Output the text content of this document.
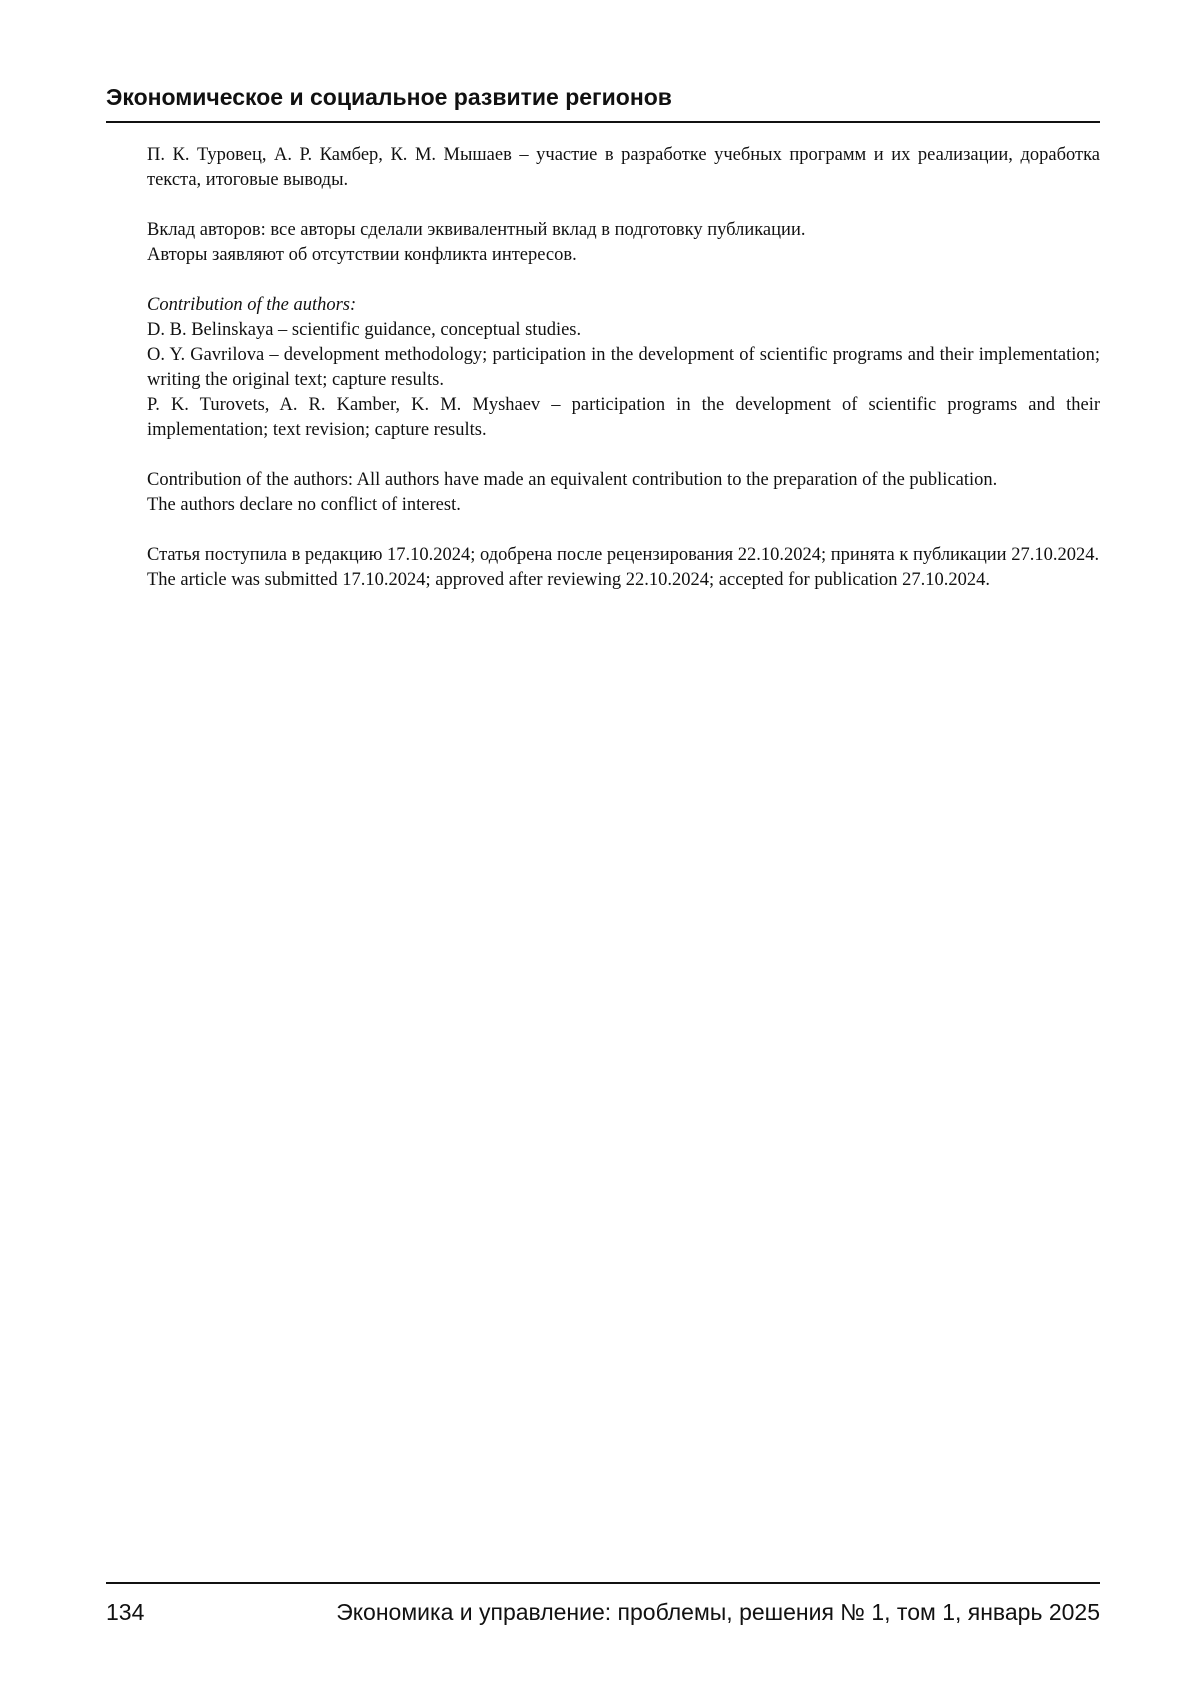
Экономическое и социальное развитие регионов

П. К. Туровец, А. Р. Камбер, К. М. Мышаев – участие в разработке учебных программ и их реализации, доработка текста, итоговые выводы.

Вклад авторов: все авторы сделали эквивалентный вклад в подготовку публикации.

Авторы заявляют об отсутствии конфликта интересов.

Contribution of the authors:

D. B. Belinskaya – scientific guidance, conceptual studies.

O. Y. Gavrilova – development methodology; participation in the development of scientific programs and their implementation; writing the original text; capture results.

P. K. Turovets, A. R. Kamber, K. M. Myshaev – participation in the development of scientific programs and their implementation; text revision; capture results.

Contribution of the authors: All authors have made an equivalent contribution to the preparation of the publication.

The authors declare no conflict of interest.

Статья поступила в редакцию 17.10.2024; одобрена после рецензирования 22.10.2024; принята к публикации 27.10.2024.

The article was submitted 17.10.2024; approved after reviewing 22.10.2024; accepted for publication 27.10.2024.

134	Экономика и управление: проблемы, решения № 1, том 1, январь 2025
